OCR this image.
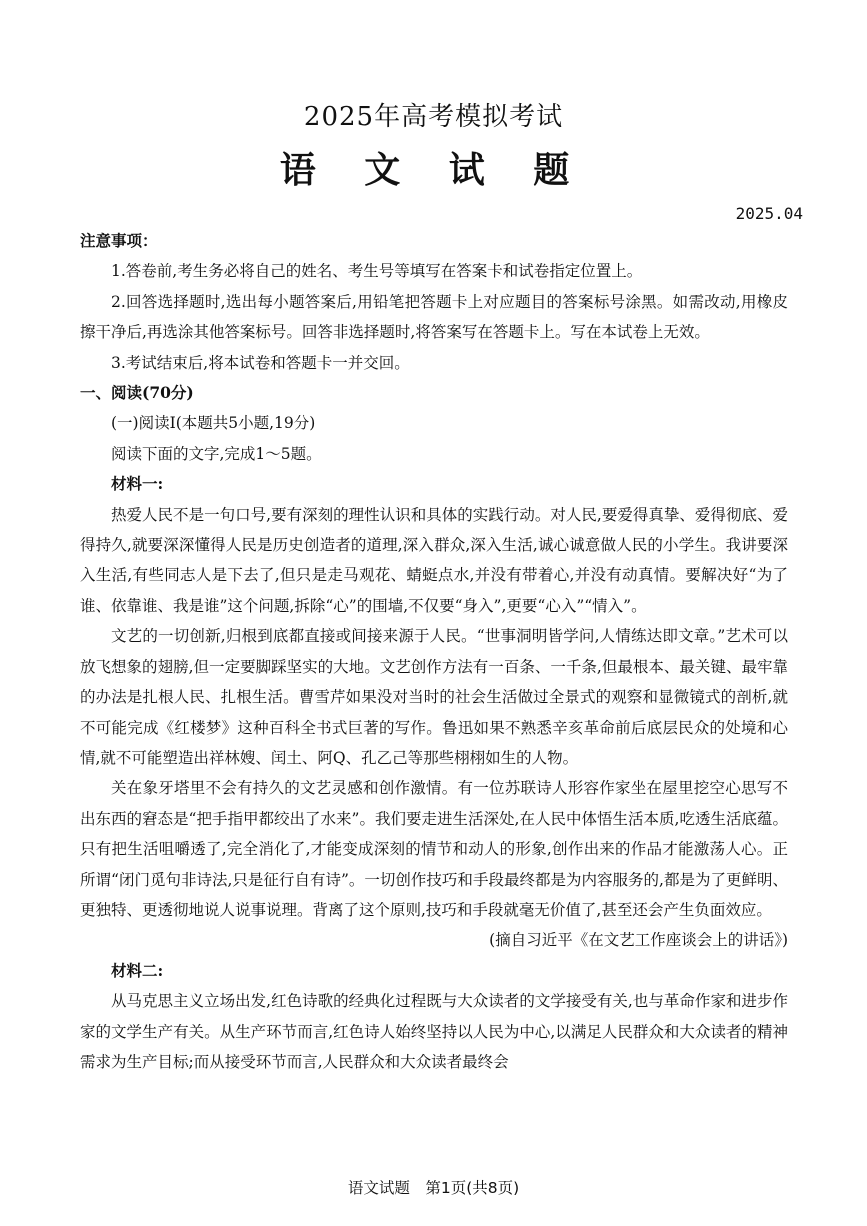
2025年高考模拟考试
语 文 试 题
2025.04

注意事项：

1.答卷前,考生务必将自己的姓名、考生号等填写在答案卡和试卷指定位置上。

2.回答选择题时,选出每小题答案后,用铅笔把答题卡上对应题目的答案标号涂黑。如需改动,用橡皮擦干净后,再选涂其他答案标号。回答非选择题时,将答案写在答题卡上。写在本试卷上无效。

3.考试结束后,将本试卷和答题卡一并交回。

一、阅读(70分)

(一)阅读Ⅰ(本题共5小题,19分)

阅读下面的文字,完成1～5题。

材料一:

热爱人民不是一句口号,要有深刻的理性认识和具体的实践行动。对人民,要爱得真挚、爱得彻底、爱得持久,就要深深懂得人民是历史创造者的道理,深入群众,深入生活,诚心诚意做人民的小学生。我讲要深入生活,有些同志人是下去了,但只是走马观花、蜻蜓点水,并没有带着心,并没有动真情。要解决好“为了谁、依靠谁、我是谁”这个问题,拆除“心”的围墙,不仅要“身入”,更要“心入”“情入”。

文艺的一切创新,归根到底都直接或间接来源于人民。“世事洞明皆学问,人情练达即文章。”艺术可以放飞想象的翅膀,但一定要脚踩坚实的大地。文艺创作方法有一百条、一千条,但最根本、最关键、最牢靠的办法是扎根人民、扎根生活。曹雪芹如果没对当时的社会生活做过全景式的观察和显微镜式的剖析,就不可能完成《红楼梦》这种百科全书式巨著的写作。鲁迅如果不熟悉辛亥革命前后底层民众的处境和心情,就不可能塑造出祥林嫂、闰土、阿Q、孔乙己等那些栩栩如生的人物。

关在象牙塔里不会有持久的文艺灵感和创作激情。有一位苏联诗人形容作家坐在屋里挖空心思写不出东西的窘态是“把手指甲都绞出了水来”。我们要走进生活深处,在人民中体悟生活本质,吃透生活底蕴。只有把生活咀嚼透了,完全消化了,才能变成深刻的情节和动人的形象,创作出来的作品才能激荡人心。正所谓“闭门觅句非诗法,只是征行自有诗”。一切创作技巧和手段最终都是为内容服务的,都是为了更鲜明、更独特、更透彻地说人说事说理。背离了这个原则,技巧和手段就毫无价值了,甚至还会产生负面效应。

(摘自习近平《在文艺工作座谈会上的讲话》)

材料二:

从马克思主义立场出发,红色诗歌的经典化过程既与大众读者的文学接受有关,也与革命作家和进步作家的文学生产有关。从生产环节而言,红色诗人始终坚持以人民为中心,以满足人民群众和大众读者的精神需求为生产目标;而从接受环节而言,人民群众和大众读者最终会

语文试题　第1页(共8页)
